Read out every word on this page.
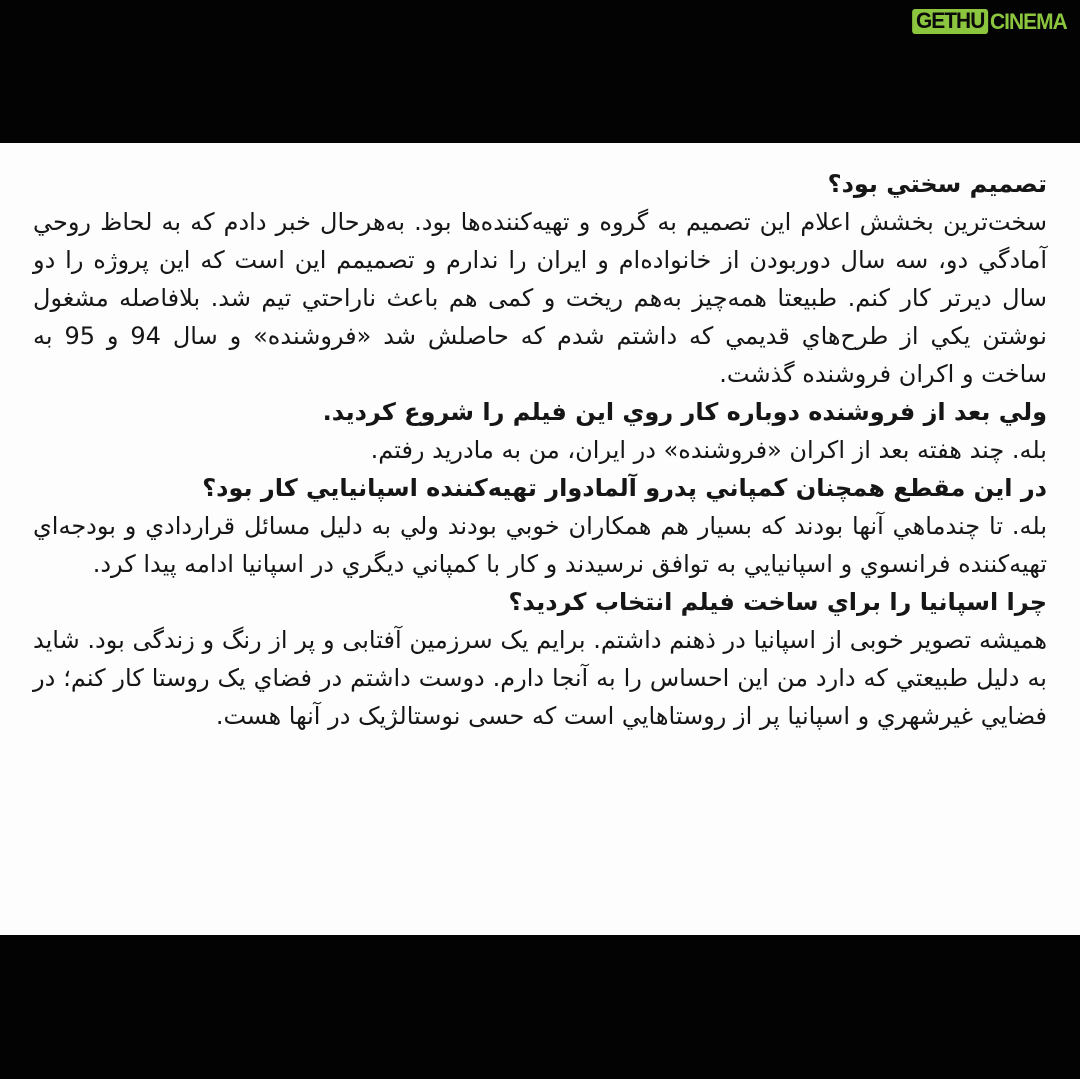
GETHU CINEMA

تصميم سختي بود؟

سخت‌ترين بخشش اعلام اين تصميم به گروه و تهيه‌کننده‌ها بود. به‌هرحال خبر دادم که به لحاظ روحي آمادگي دو، سه سال دوربودن از خانواده‌ام و ايران را ندارم و تصميمم اين است که اين پروژه را دو سال ديرتر کار کنم. طبيعتا همه‌چيز به‌هم ريخت و کمی هم باعث ناراحتي تيم شد. بلافاصله مشغول نوشتن يکي از طرح‌هاي قديمي که داشتم شدم که حاصلش شد «فروشنده» و سال 94 و 95 به ساخت و اکران فروشنده گذشت.

ولي بعد از فروشنده دوباره کار روي اين فيلم را شروع کرديد.

بله. چند هفته بعد از اکران «فروشنده» در ايران، من به مادريد رفتم.

در اين مقطع همچنان کمپاني پدرو آلمادوار تهيه‌کننده اسپانيايي کار بود؟

بله. تا چندماهي آنها بودند که بسيار هم همکاران خوبي بودند ولي به دليل مسائل قراردادي و بودجه‌اي تهيه‌کننده فرانسوي و اسپانيايي به توافق نرسيدند و کار با کمپاني ديگري در اسپانيا ادامه پيدا کرد.

چرا اسپانيا را براي ساخت فيلم انتخاب کرديد؟

هميشه تصوير خوبی از اسپانيا در ذهنم داشتم. برايم يک سرزمين آفتابی و پر از رنگ و زندگی بود. شايد به دليل طبيعتي که دارد من اين احساس را به آنجا دارم. دوست داشتم در فضاي يک روستا کار کنم؛ در فضايي غيرشهري و اسپانيا پر از روستاهايي است که حسی نوستالژيک در آنها هست.
